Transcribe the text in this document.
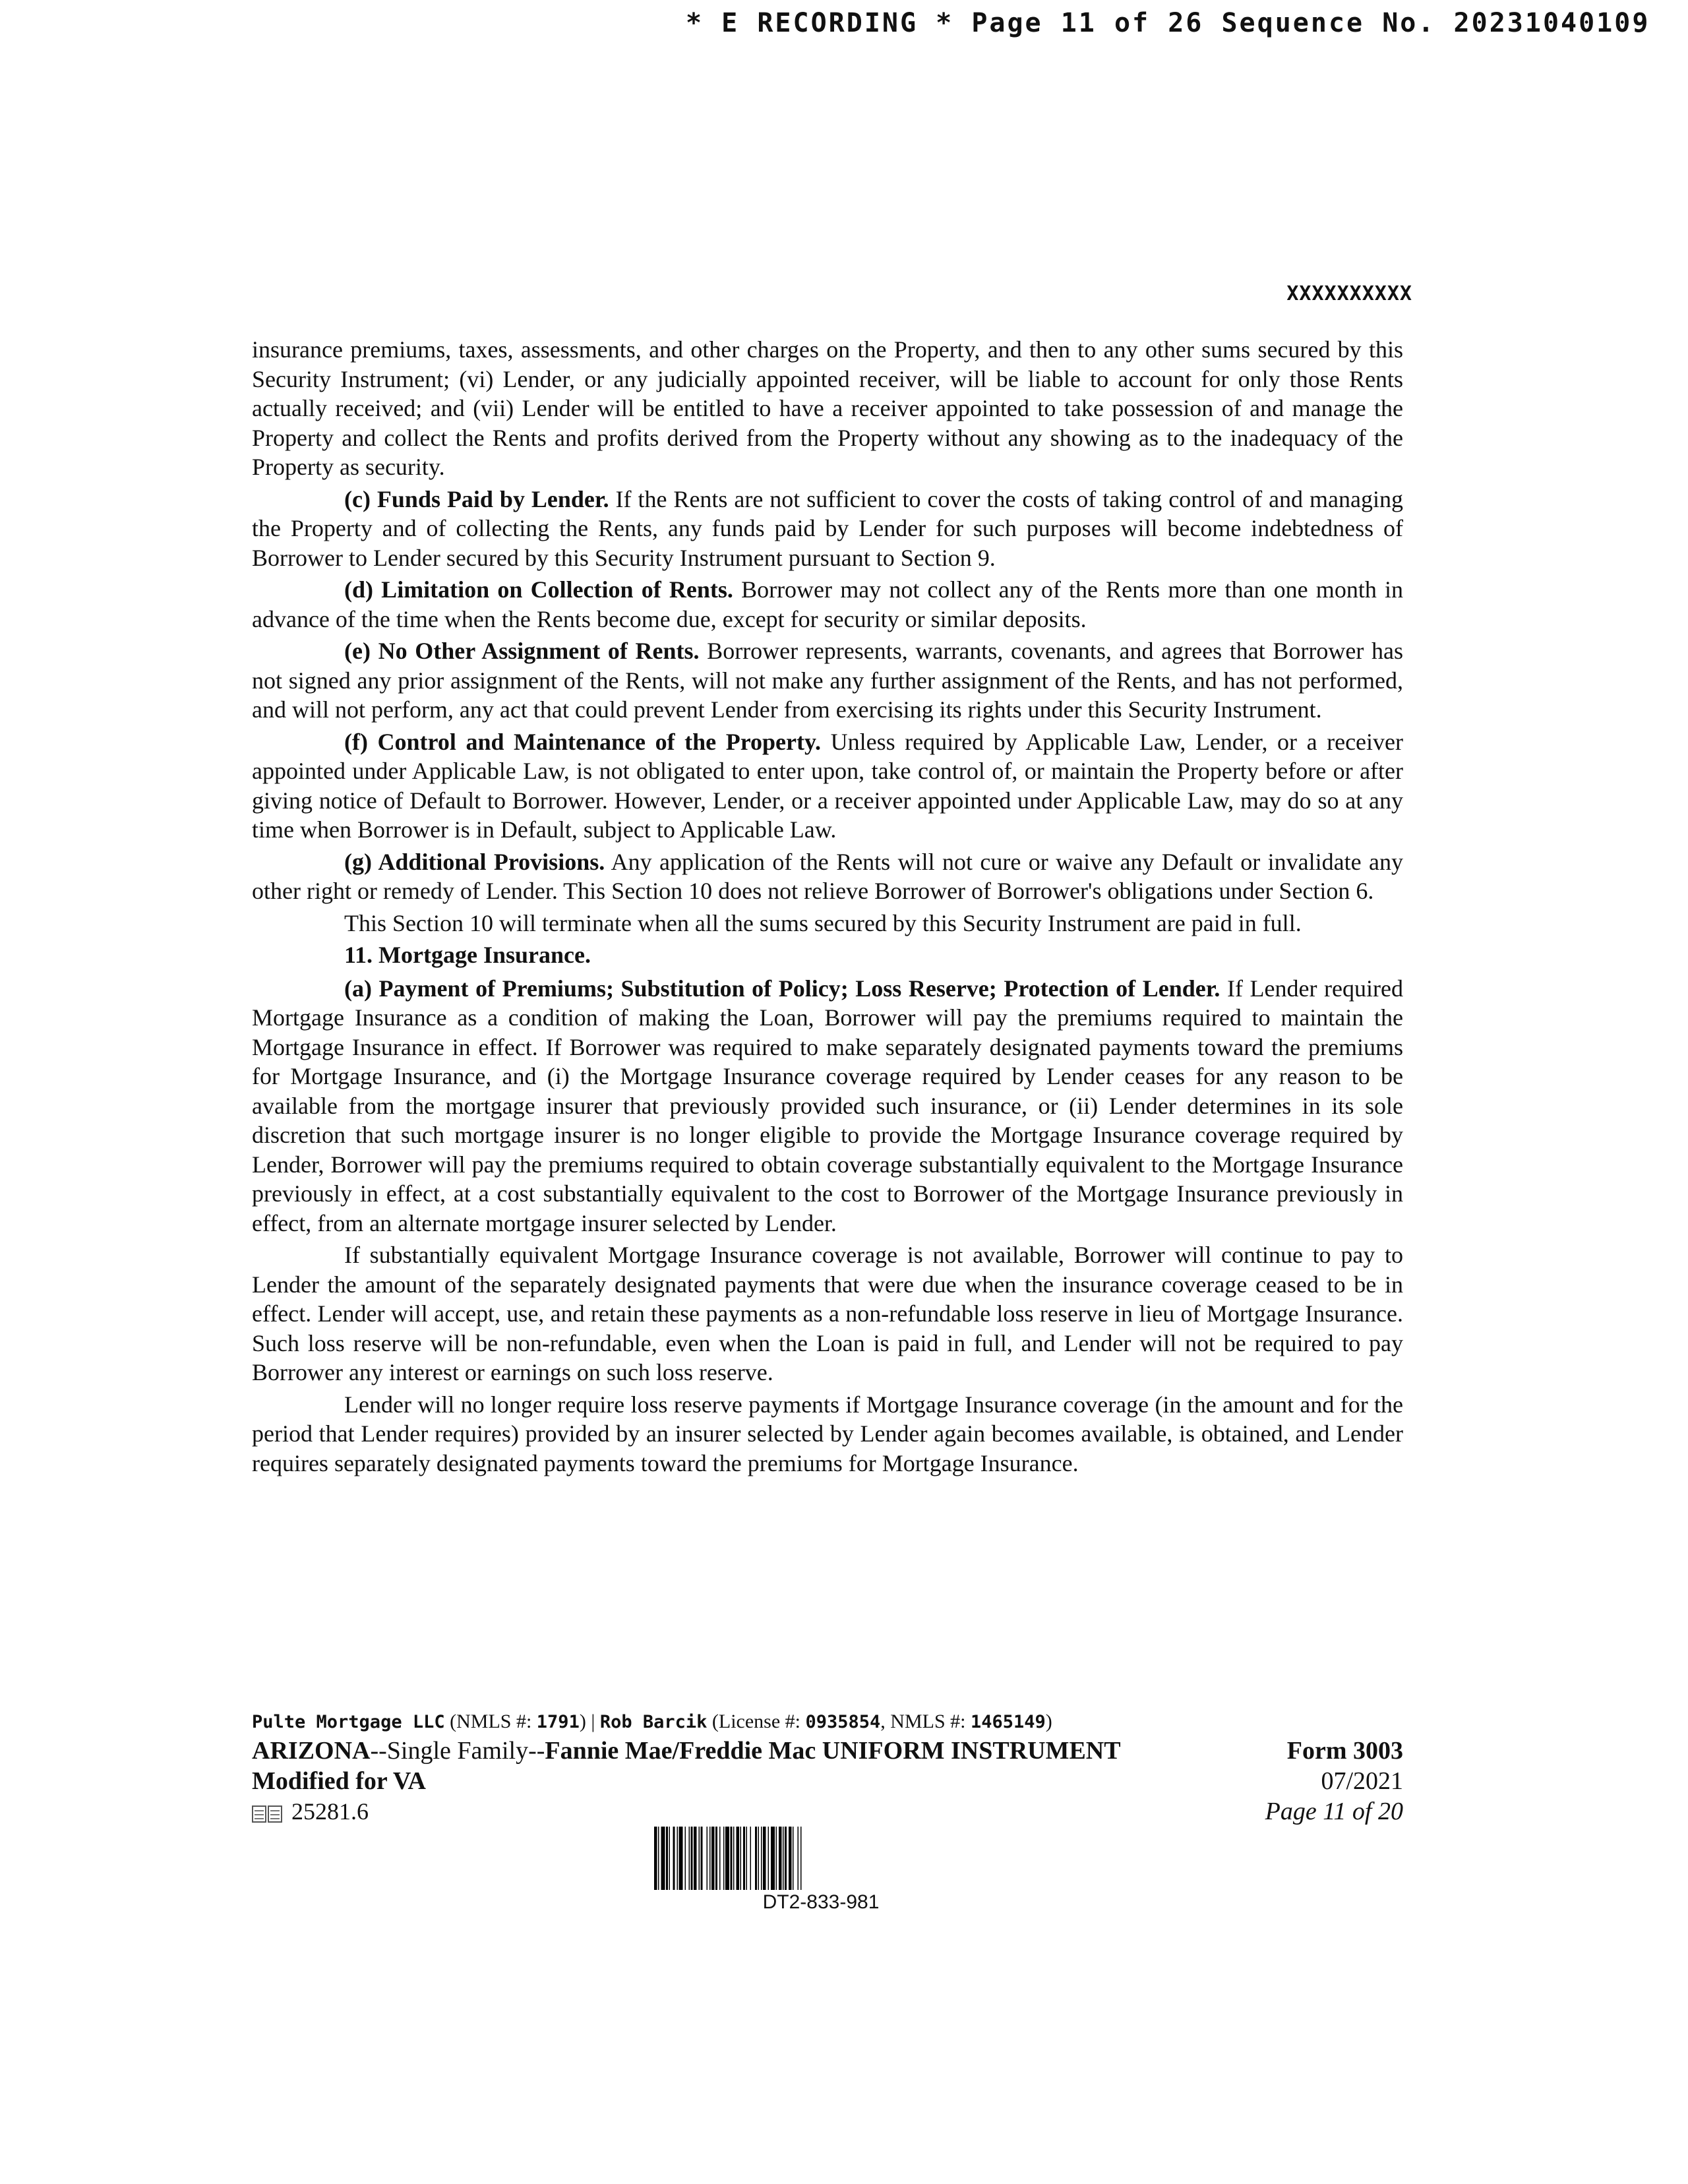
* E RECORDING * Page 11 of 26 Sequence No. 20231040109
XXXXXXXXXX

insurance premiums, taxes, assessments, and other charges on the Property, and then to any other sums secured by this Security Instrument; (vi) Lender, or any judicially appointed receiver, will be liable to account for only those Rents actually received; and (vii) Lender will be entitled to have a receiver appointed to take possession of and manage the Property and collect the Rents and profits derived from the Property without any showing as to the inadequacy of the Property as security.

(c) Funds Paid by Lender. If the Rents are not sufficient to cover the costs of taking control of and managing the Property and of collecting the Rents, any funds paid by Lender for such purposes will become indebtedness of Borrower to Lender secured by this Security Instrument pursuant to Section 9.

(d) Limitation on Collection of Rents. Borrower may not collect any of the Rents more than one month in advance of the time when the Rents become due, except for security or similar deposits.

(e) No Other Assignment of Rents. Borrower represents, warrants, covenants, and agrees that Borrower has not signed any prior assignment of the Rents, will not make any further assignment of the Rents, and has not performed, and will not perform, any act that could prevent Lender from exercising its rights under this Security Instrument.

(f) Control and Maintenance of the Property. Unless required by Applicable Law, Lender, or a receiver appointed under Applicable Law, is not obligated to enter upon, take control of, or maintain the Property before or after giving notice of Default to Borrower. However, Lender, or a receiver appointed under Applicable Law, may do so at any time when Borrower is in Default, subject to Applicable Law.

(g) Additional Provisions. Any application of the Rents will not cure or waive any Default or invalidate any other right or remedy of Lender. This Section 10 does not relieve Borrower of Borrower's obligations under Section 6.

This Section 10 will terminate when all the sums secured by this Security Instrument are paid in full.

11. Mortgage Insurance.

(a) Payment of Premiums; Substitution of Policy; Loss Reserve; Protection of Lender. If Lender required Mortgage Insurance as a condition of making the Loan, Borrower will pay the premiums required to maintain the Mortgage Insurance in effect. If Borrower was required to make separately designated payments toward the premiums for Mortgage Insurance, and (i) the Mortgage Insurance coverage required by Lender ceases for any reason to be available from the mortgage insurer that previously provided such insurance, or (ii) Lender determines in its sole discretion that such mortgage insurer is no longer eligible to provide the Mortgage Insurance coverage required by Lender, Borrower will pay the premiums required to obtain coverage substantially equivalent to the Mortgage Insurance previously in effect, at a cost substantially equivalent to the cost to Borrower of the Mortgage Insurance previously in effect, from an alternate mortgage insurer selected by Lender.

If substantially equivalent Mortgage Insurance coverage is not available, Borrower will continue to pay to Lender the amount of the separately designated payments that were due when the insurance coverage ceased to be in effect. Lender will accept, use, and retain these payments as a non-refundable loss reserve in lieu of Mortgage Insurance. Such loss reserve will be non-refundable, even when the Loan is paid in full, and Lender will not be required to pay Borrower any interest or earnings on such loss reserve.

Lender will no longer require loss reserve payments if Mortgage Insurance coverage (in the amount and for the period that Lender requires) provided by an insurer selected by Lender again becomes available, is obtained, and Lender requires separately designated payments toward the premiums for Mortgage Insurance.

Pulte Mortgage LLC (NMLS #: 1791) | Rob Barcik (License #: 0935854, NMLS #: 1465149)
ARIZONA--Single Family--Fannie Mae/Freddie Mac UNIFORM INSTRUMENT
Modified for VA
25281.6
Form 3003
07/2021
Page 11 of 20
DT2-833-981
